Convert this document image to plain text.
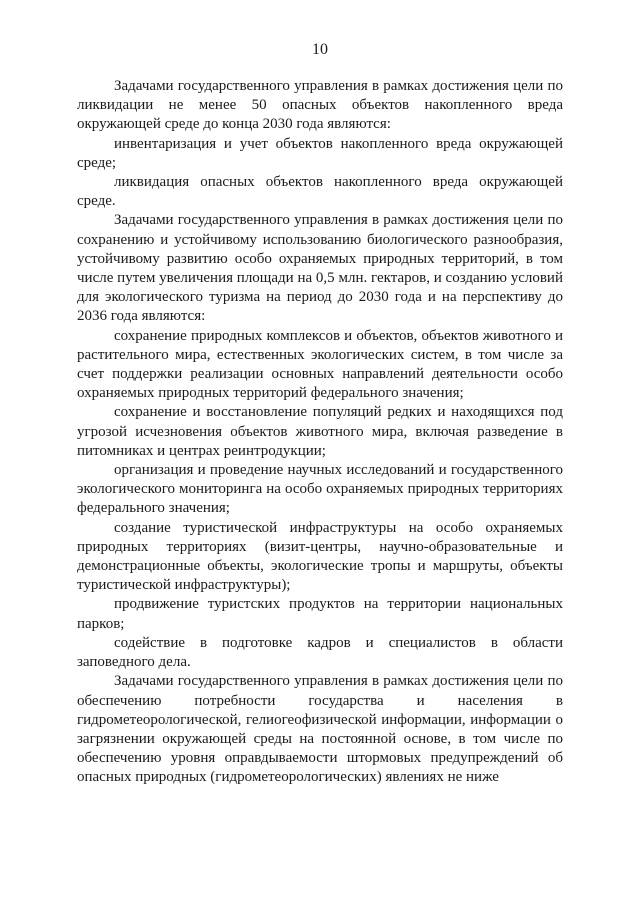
10

Задачами государственного управления в рамках достижения цели по ликвидации не менее 50 опасных объектов накопленного вреда окружающей среде до конца 2030 года являются:

инвентаризация и учет объектов накопленного вреда окружающей среде;

ликвидация опасных объектов накопленного вреда окружающей среде.

Задачами государственного управления в рамках достижения цели по сохранению и устойчивому использованию биологического разнообразия, устойчивому развитию особо охраняемых природных территорий, в том числе путем увеличения площади на 0,5 млн. гектаров, и созданию условий для экологического туризма на период до 2030 года и на перспективу до 2036 года являются:

сохранение природных комплексов и объектов, объектов животного и растительного мира, естественных экологических систем, в том числе за счет поддержки реализации основных направлений деятельности особо охраняемых природных территорий федерального значения;

сохранение и восстановление популяций редких и находящихся под угрозой исчезновения объектов животного мира, включая разведение в питомниках и центрах реинтродукции;

организация и проведение научных исследований и государственного экологического мониторинга на особо охраняемых природных территориях федерального значения;

создание туристической инфраструктуры на особо охраняемых природных территориях (визит-центры, научно-образовательные и демонстрационные объекты, экологические тропы и маршруты, объекты туристической инфраструктуры);

продвижение туристских продуктов на территории национальных парков;

содействие в подготовке кадров и специалистов в области заповедного дела.

Задачами государственного управления в рамках достижения цели по обеспечению потребности государства и населения в гидрометеорологической, гелиогеофизической информации, информации о загрязнении окружающей среды на постоянной основе, в том числе по обеспечению уровня оправдываемости штормовых предупреждений об опасных природных (гидрометеорологических) явлениях не ниже
